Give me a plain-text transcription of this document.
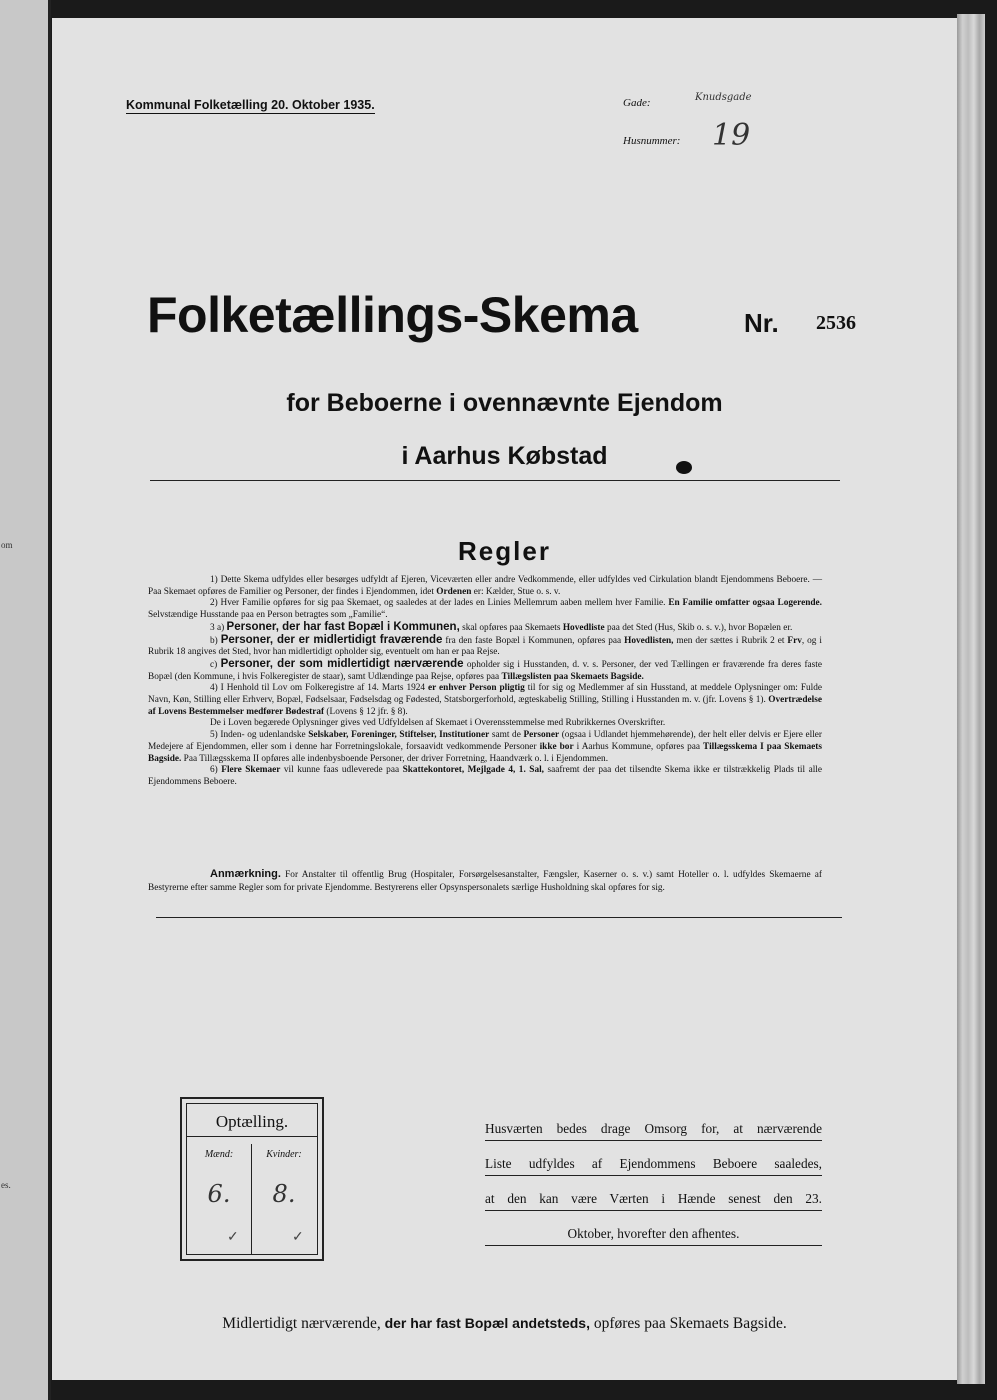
om
es.
Kommunal Folketælling 20. Oktober 1935.	Gade:	Knudsgade
Husnummer: 19
Folketællings-Skema	Nr. 2536
for Beboerne i ovennævnte Ejendom
i Aarhus Købstad
Regler

1) Dette Skema udfyldes eller besørges udfyldt af Ejeren, Viceværten eller andre Vedkommende, eller udfyldes ved Cirkulation blandt Ejendommens Beboere. — Paa Skemaet opføres de Familier og Personer, der findes i Ejendommen, idet Ordenen er: Kælder, Stue o. s. v.

2) Hver Familie opføres for sig paa Skemaet, og saaledes at der lades en Linies Mellemrum aaben mellem hver Familie. En Familie omfatter ogsaa Logerende. Selvstændige Husstande paa en Person betragtes som „Familie“.

3 a) Personer, der har fast Bopæl i Kommunen, skal opføres paa Skemaets Hovedliste paa det Sted (Hus, Skib o. s. v.), hvor Bopælen er.

b) Personer, der er midlertidigt fraværende fra den faste Bopæl i Kommunen, opføres paa Hovedlisten, men der sættes i Rubrik 2 et Frv, og i Rubrik 18 angives det Sted, hvor han midlertidigt opholder sig, eventuelt om han er paa Rejse.

c) Personer, der som midlertidigt nærværende opholder sig i Husstanden, d. v. s. Personer, der ved Tællingen er fraværende fra deres faste Bopæl (den Kommune, i hvis Folkeregister de staar), samt Udlændinge paa Rejse, opføres paa Tillægslisten paa Skemaets Bagside.

4) I Henhold til Lov om Folkeregistre af 14. Marts 1924 er enhver Person pligtig til for sig og Medlemmer af sin Husstand, at meddele Oplysninger om: Fulde Navn, Køn, Stilling eller Erhverv, Bopæl, Fødselsaar, Fødselsdag og Fødested, Statsborgerforhold, ægteskabelig Stilling, Stilling i Husstanden m. v. (jfr. Lovens § 1). Overtrædelse af Lovens Bestemmelser medfører Bødestraf (Lovens § 12 jfr. § 8).

De i Loven begærede Oplysninger gives ved Udfyldelsen af Skemaet i Overensstemmelse med Rubrikkernes Overskrifter.

5) Inden- og udenlandske Selskaber, Foreninger, Stiftelser, Institutioner samt de Personer (ogsaa i Udlandet hjemmehørende), der helt eller delvis er Ejere eller Medejere af Ejendommen, eller som i denne har Forretningslokale, forsaavidt vedkommende Personer ikke bor i Aarhus Kommune, opføres paa Tillægsskema I paa Skemaets Bagside. Paa Tillægsskema II opføres alle indenbysboende Personer, der driver Forretning, Haandværk o. l. i Ejendommen.

6) Flere Skemaer vil kunne faas udleverede paa Skattekontoret, Mejlgade 4, 1. Sal, saafremt der paa det tilsendte Skema ikke er tilstrækkelig Plads til alle Ejendommens Beboere.

Anmærkning. For Anstalter til offentlig Brug (Hospitaler, Forsørgelsesanstalter, Fængsler, Kaserner o. s. v.) samt Hoteller o. l. udfyldes Skemaerne af Bestyrerne efter samme Regler som for private Ejendomme. Bestyrerens eller Opsynspersonalets særlige Husholdning skal opføres for sig.
Optælling.
Mænd:
6.
✓
Kvinder:
8.
✓
Husværten bedes drage Omsorg for, at nærværende
Liste udfyldes af Ejendommens Beboere saaledes,
at den kan være Værten i Hænde senest den 23.
Oktober, hvorefter den afhentes.
Midlertidigt nærværende, der har fast Bopæl andetsteds, opføres paa Skemaets Bagside.
